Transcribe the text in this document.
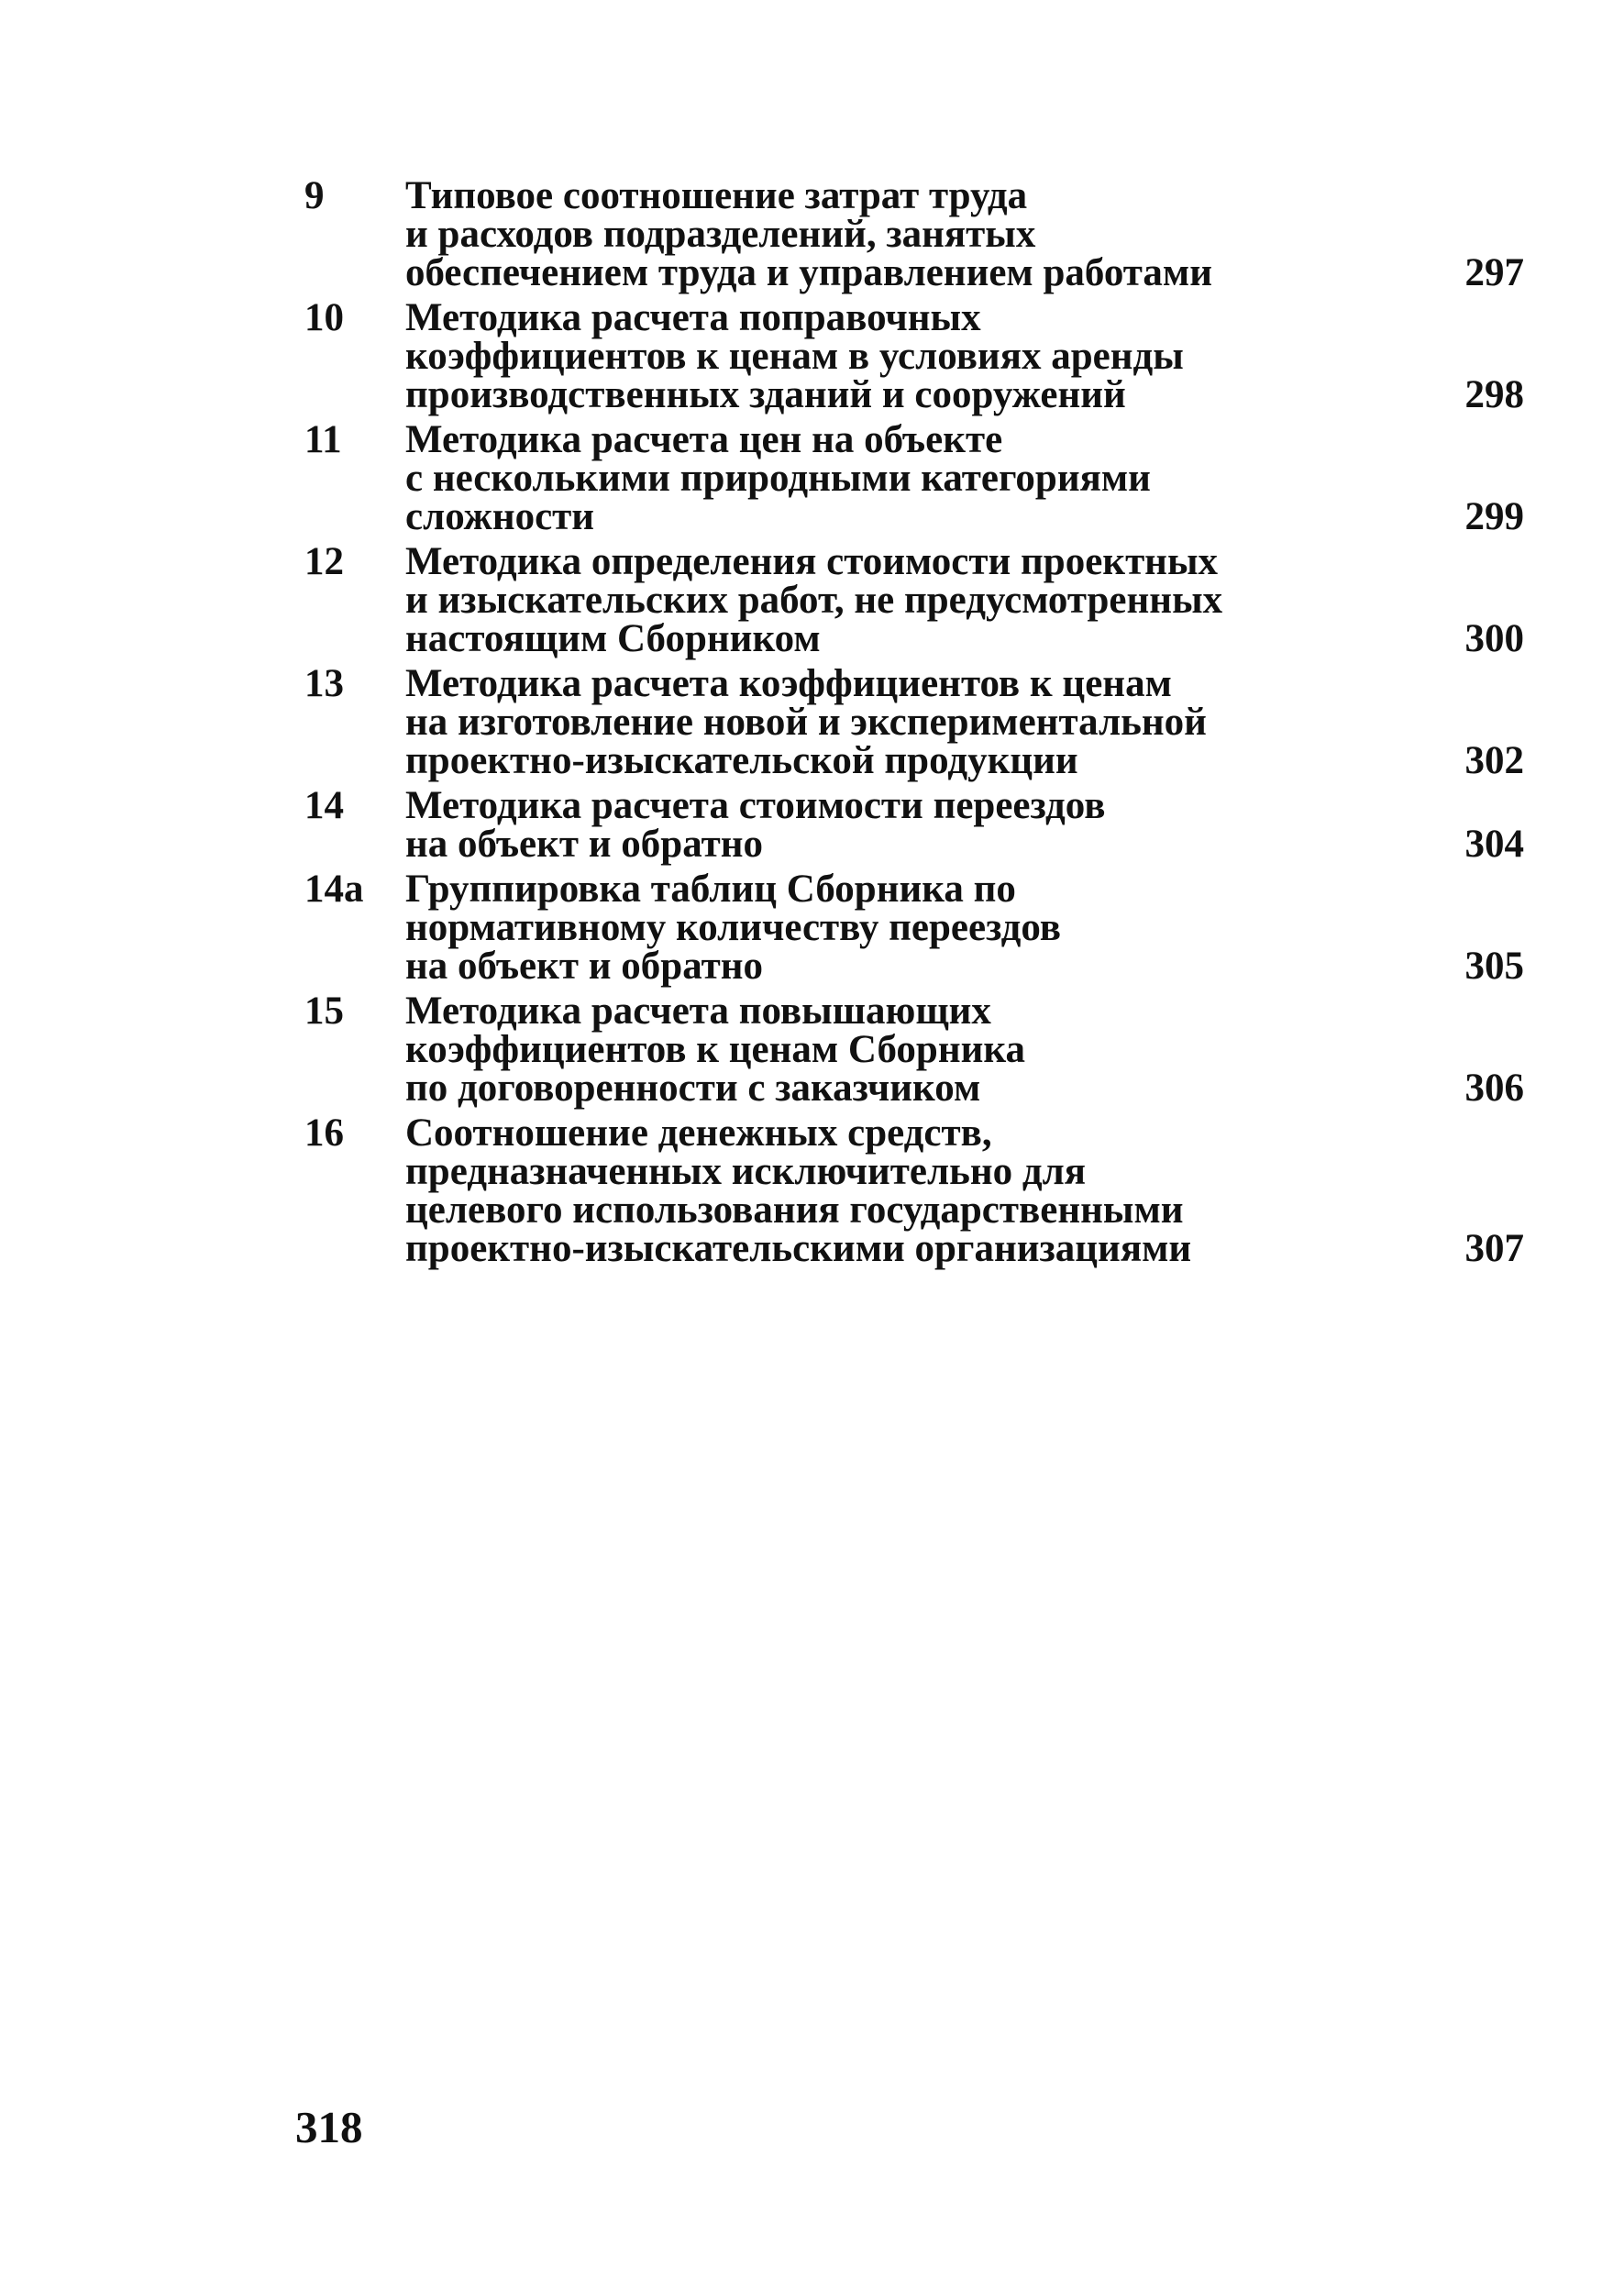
9 Типовое соотношение затрат труда
и расходов подразделений, занятых
обеспечением труда и управлением работами	297
10 Методика расчета поправочных
коэффициентов к ценам в условиях аренды
производственных зданий и сооружений	298
11 Методика расчета цен на объекте
с несколькими природными категориями
сложности	299
12 Методика определения стоимости проектных
и изыскательских работ, не предусмотренных
настоящим Сборником	300
13 Методика расчета коэффициентов к ценам
на изготовление новой и экспериментальной
проектно-изыскательской продукции	302
14 Методика расчета стоимости переездов
на объект и обратно	304
14а Группировка таблиц Сборника по
нормативному количеству переездов
на объект и обратно	305
15 Методика расчета повышающих
коэффициентов к ценам Сборника
по договоренности с заказчиком	306
16 Соотношение денежных средств,
предназначенных исключительно для
целевого использования государственными
проектно-изыскательскими организациями	307
318
